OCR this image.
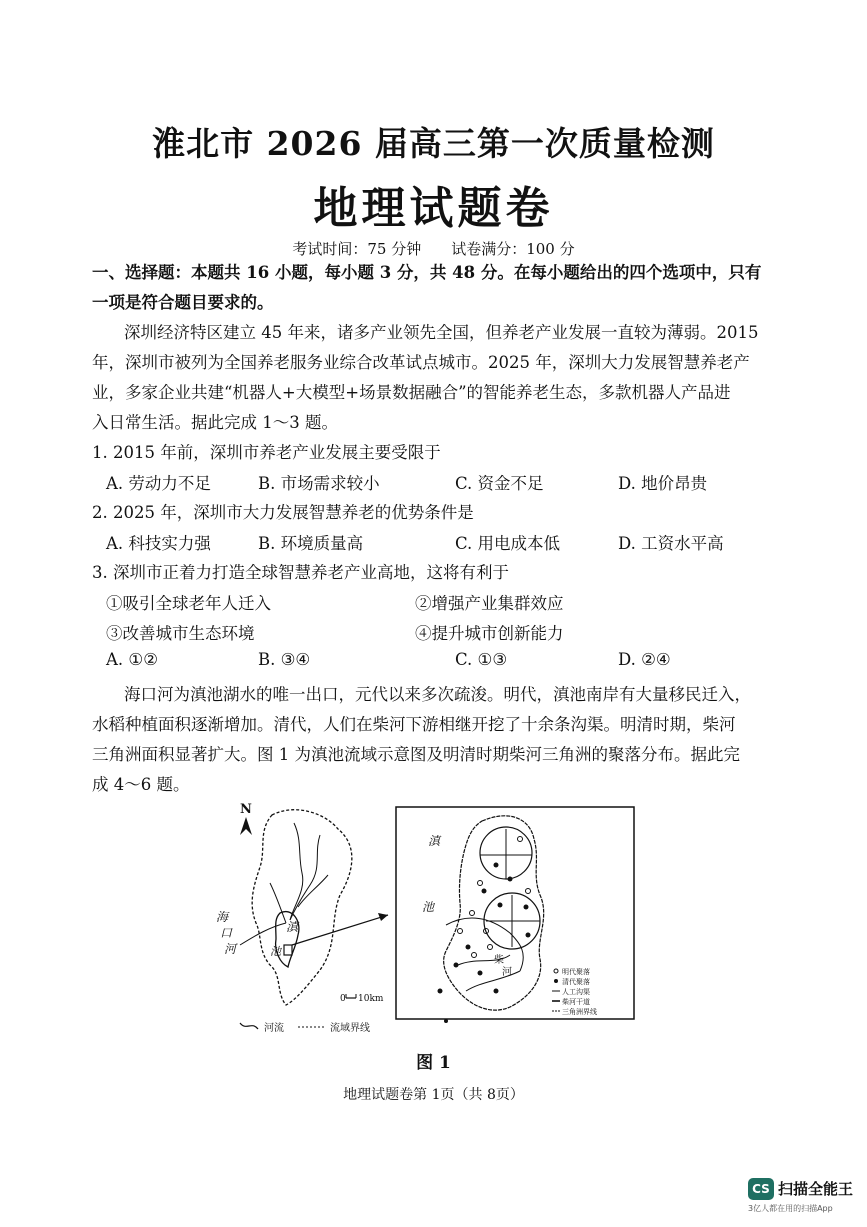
淮北市 2026 届高三第一次质量检测
地理试题卷
考试时间：75 分钟　　试卷满分：100 分
一、选择题：本题共 16 小题，每小题 3 分，共 48 分。在每小题给出的四个选项中，只有
一项是符合题目要求的。
深圳经济特区建立 45 年来，诸多产业领先全国，但养老产业发展一直较为薄弱。2015
年，深圳市被列为全国养老服务业综合改革试点城市。2025 年，深圳大力发展智慧养老产
业，多家企业共建“机器人+大模型+场景数据融合”的智能养老生态，多款机器人产品进
入日常生活。据此完成 1～3 题。
1. 2015 年前，深圳市养老产业发展主要受限于
A. 劳动力不足	B. 市场需求较小	C. 资金不足	D. 地价昂贵
2. 2025 年，深圳市大力发展智慧养老的优势条件是
A. 科技实力强	B. 环境质量高	C. 用电成本低	D. 工资水平高
3. 深圳市正着力打造全球智慧养老产业高地，这将有利于
①吸引全球老年人迁入	②增强产业集群效应
③改善城市生态环境	④提升城市创新能力
A. ①②	B. ③④	C. ①③	D. ②④
海口河为滇池湖水的唯一出口，元代以来多次疏浚。明代，滇池南岸有大量移民迁入，
水稻种植面积逐渐增加。清代，人们在柴河下游相继开挖了十余条沟渠。明清时期，柴河
三角洲面积显著扩大。图 1 为滇池流域示意图及明清时期柴河三角洲的聚落分布。据此完
成 4～6 题。
N
海
口
河
滇
池
0 10km
河流	流域界线
滇
池
柴
河	明代聚落
清代聚落
人工沟渠
柴河干道
三角洲界线
图 1
地理试题卷第 1页（共 8页）
CS 扫描全能王
3亿人都在用的扫描App
